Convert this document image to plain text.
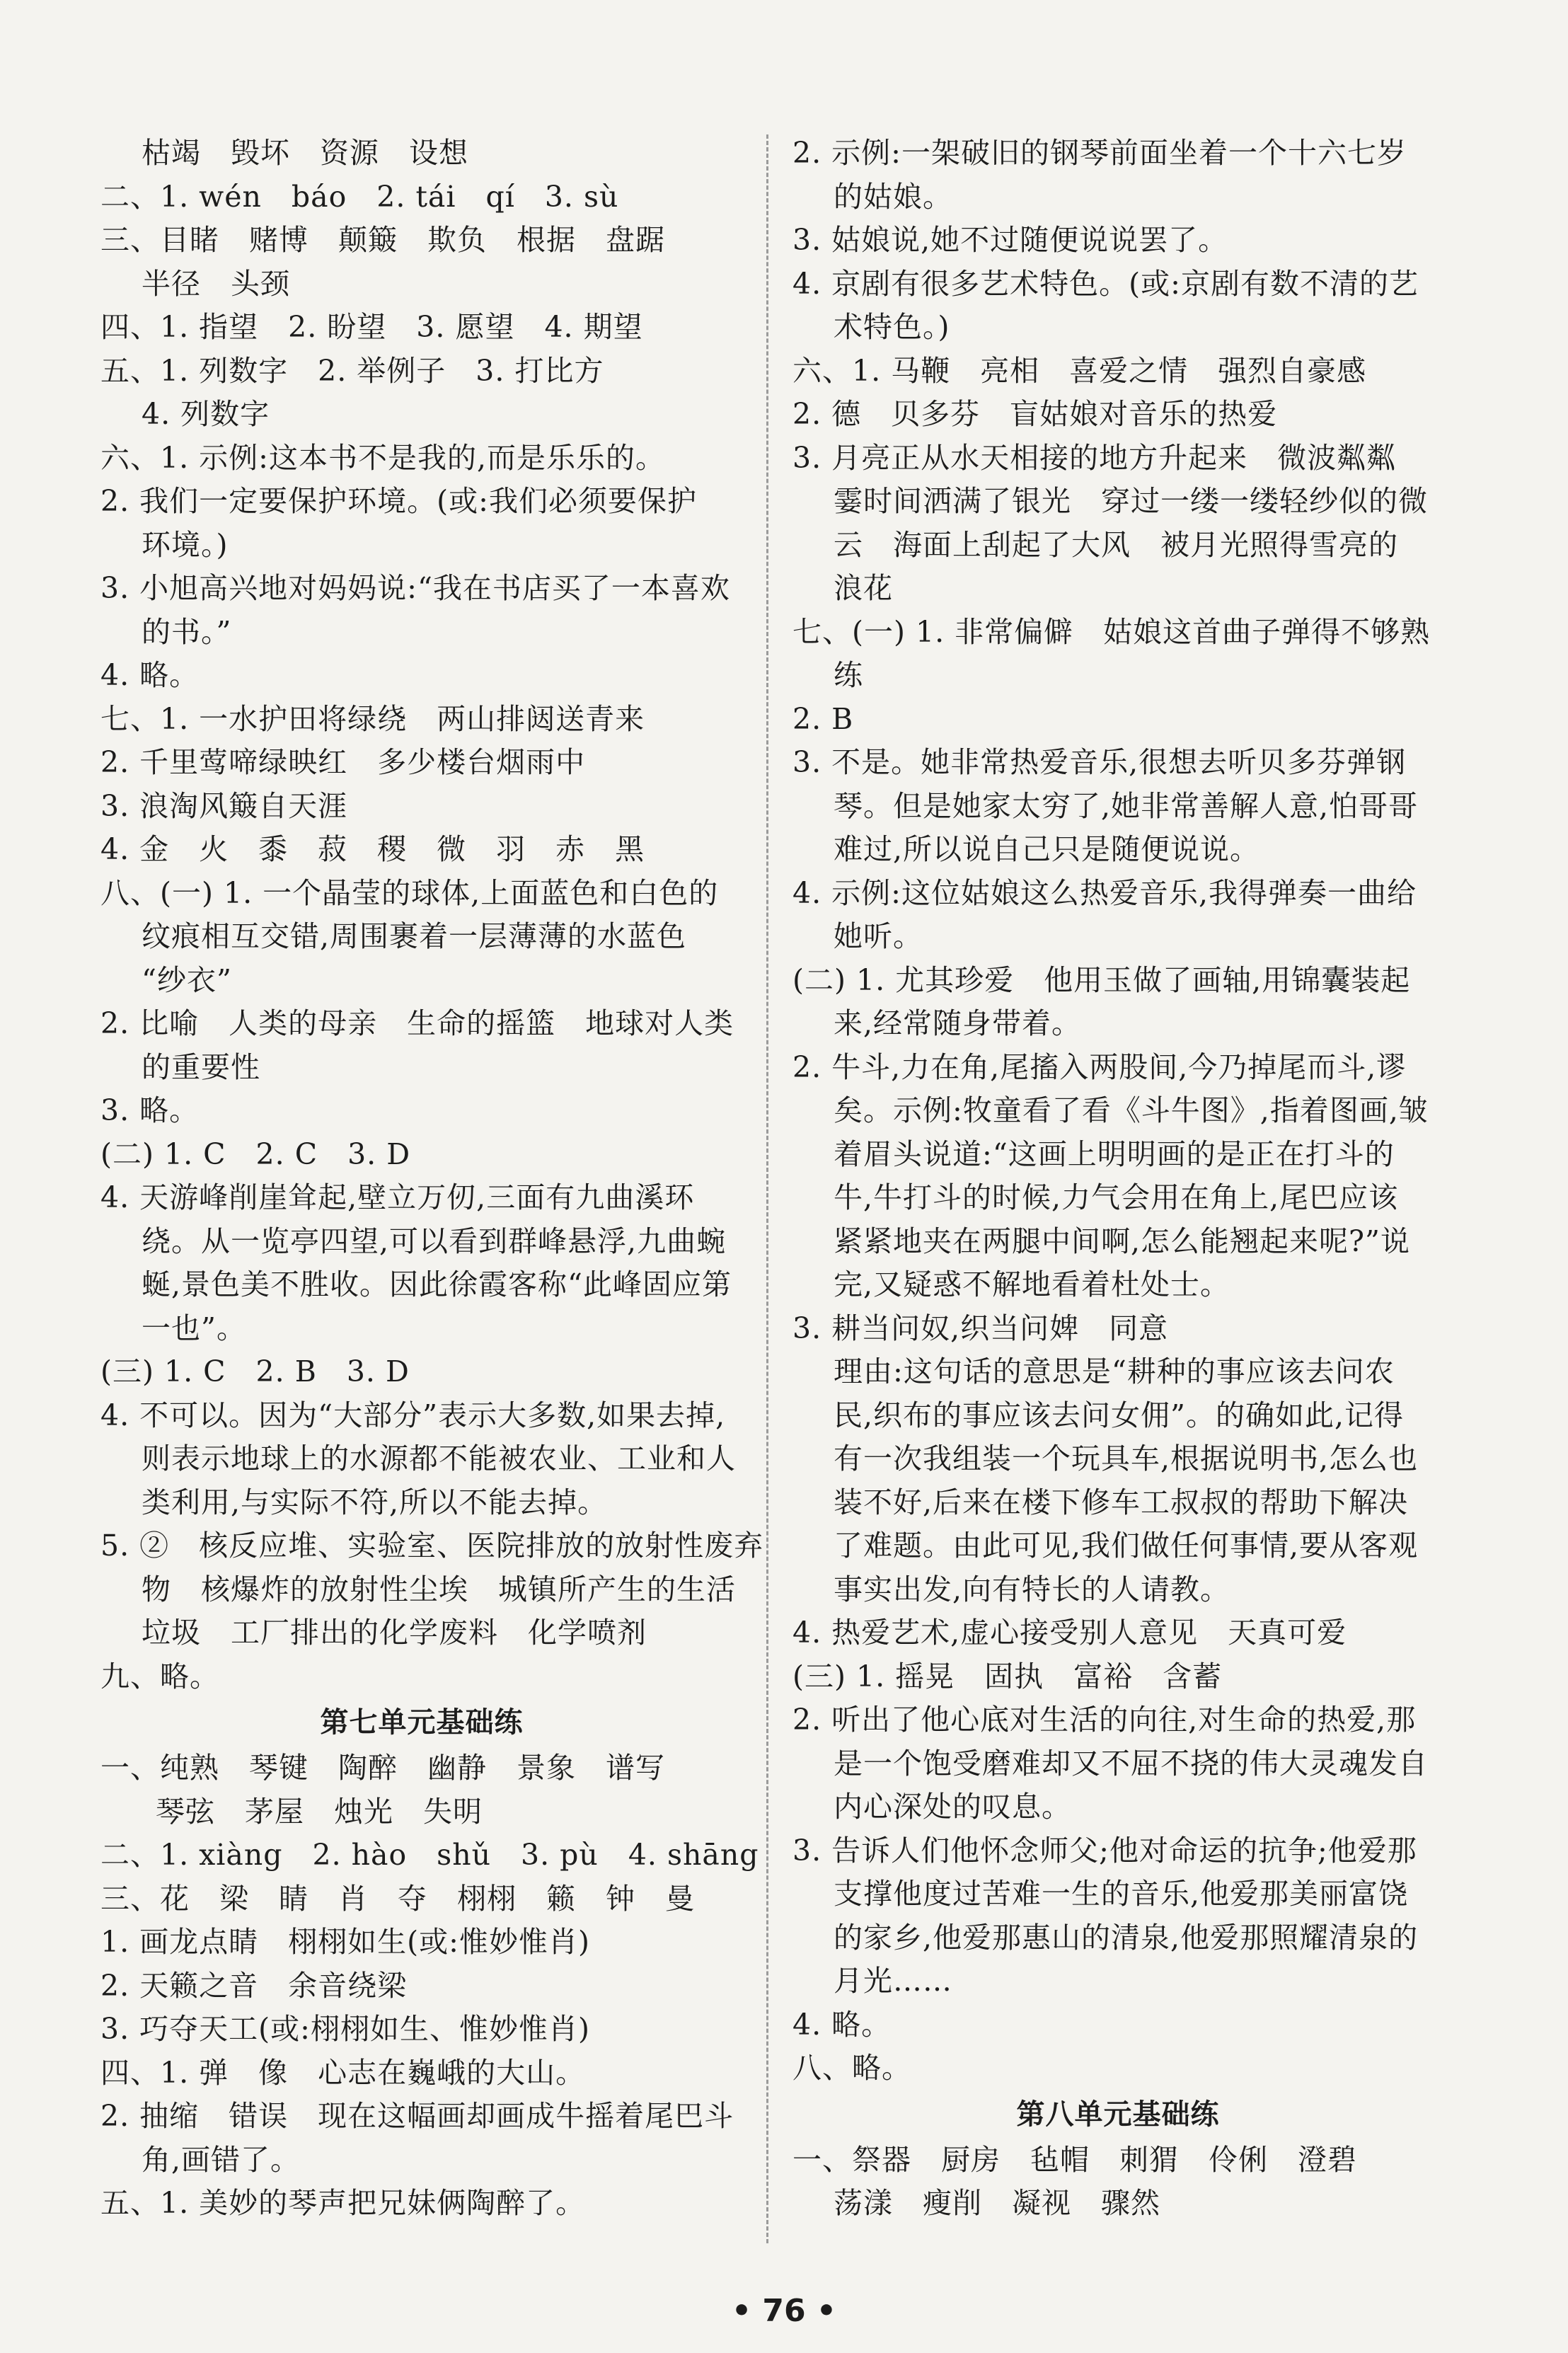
枯竭　毁坏　资源　设想
二、1. wén　báo　2. tái　qí　3. sù
三、目睹　赌博　颠簸　欺负　根据　盘踞
半径　头颈
四、1. 指望　2. 盼望　3. 愿望　4. 期望
五、1. 列数字　2. 举例子　3. 打比方
4. 列数字
六、1. 示例:这本书不是我的,而是乐乐的。
2. 我们一定要保护环境。(或:我们必须要保护
环境。)
3. 小旭高兴地对妈妈说:“我在书店买了一本喜欢
的书。”
4. 略。
七、1. 一水护田将绿绕　两山排闼送青来
2. 千里莺啼绿映红　多少楼台烟雨中
3. 浪淘风簸自天涯
4. 金　火　黍　菽　稷　微　羽　赤　黑
八、(一) 1. 一个晶莹的球体,上面蓝色和白色的
纹痕相互交错,周围裹着一层薄薄的水蓝色
“纱衣”
2. 比喻　人类的母亲　生命的摇篮　地球对人类
的重要性
3. 略。
(二) 1. C　2. C　3. D
4. 天游峰削崖耸起,壁立万仞,三面有九曲溪环
绕。从一览亭四望,可以看到群峰悬浮,九曲蜿
蜒,景色美不胜收。因此徐霞客称“此峰固应第
一也”。
(三) 1. C　2. B　3. D
4. 不可以。因为“大部分”表示大多数,如果去掉,
则表示地球上的水源都不能被农业、工业和人
类利用,与实际不符,所以不能去掉。
5. ②　核反应堆、实验室、医院排放的放射性废弃
物　核爆炸的放射性尘埃　城镇所产生的生活
垃圾　工厂排出的化学废料　化学喷剂
九、略。
第七单元基础练
一、纯熟　琴键　陶醉　幽静　景象　谱写
琴弦　茅屋　烛光　失明
二、1. xiàng　2. hào　shǔ　3. pù　4. shāng
三、花　梁　睛　肖　夺　栩栩　籁　钟　曼
1. 画龙点睛　栩栩如生(或:惟妙惟肖)
2. 天籁之音　余音绕梁
3. 巧夺天工(或:栩栩如生、惟妙惟肖)
四、1. 弹　像　心志在巍峨的大山。
2. 抽缩　错误　现在这幅画却画成牛摇着尾巴斗
角,画错了。
五、1. 美妙的琴声把兄妹俩陶醉了。
2. 示例:一架破旧的钢琴前面坐着一个十六七岁
的姑娘。
3. 姑娘说,她不过随便说说罢了。
4. 京剧有很多艺术特色。(或:京剧有数不清的艺
术特色。)
六、1. 马鞭　亮相　喜爱之情　强烈自豪感
2. 德　贝多芬　盲姑娘对音乐的热爱
3. 月亮正从水天相接的地方升起来　微波粼粼
霎时间洒满了银光　穿过一缕一缕轻纱似的微
云　海面上刮起了大风　被月光照得雪亮的
浪花
七、(一) 1. 非常偏僻　姑娘这首曲子弹得不够熟
练
2. B
3. 不是。她非常热爱音乐,很想去听贝多芬弹钢
琴。但是她家太穷了,她非常善解人意,怕哥哥
难过,所以说自己只是随便说说。
4. 示例:这位姑娘这么热爱音乐,我得弹奏一曲给
她听。
(二) 1. 尤其珍爱　他用玉做了画轴,用锦囊装起
来,经常随身带着。
2. 牛斗,力在角,尾搐入两股间,今乃掉尾而斗,谬
矣。示例:牧童看了看《斗牛图》,指着图画,皱
着眉头说道:“这画上明明画的是正在打斗的
牛,牛打斗的时候,力气会用在角上,尾巴应该
紧紧地夹在两腿中间啊,怎么能翘起来呢?”说
完,又疑惑不解地看着杜处士。
3. 耕当问奴,织当问婢　同意
理由:这句话的意思是“耕种的事应该去问农
民,织布的事应该去问女佣”。的确如此,记得
有一次我组装一个玩具车,根据说明书,怎么也
装不好,后来在楼下修车工叔叔的帮助下解决
了难题。由此可见,我们做任何事情,要从客观
事实出发,向有特长的人请教。
4. 热爱艺术,虚心接受别人意见　天真可爱
(三) 1. 摇晃　固执　富裕　含蓄
2. 听出了他心底对生活的向往,对生命的热爱,那
是一个饱受磨难却又不屈不挠的伟大灵魂发自
内心深处的叹息。
3. 告诉人们他怀念师父;他对命运的抗争;他爱那
支撑他度过苦难一生的音乐,他爱那美丽富饶
的家乡,他爱那惠山的清泉,他爱那照耀清泉的
月光……
4. 略。
八、略。
第八单元基础练
一、祭器　厨房　毡帽　刺猬　伶俐　澄碧
荡漾　瘦削　凝视　骤然
• 76 •
